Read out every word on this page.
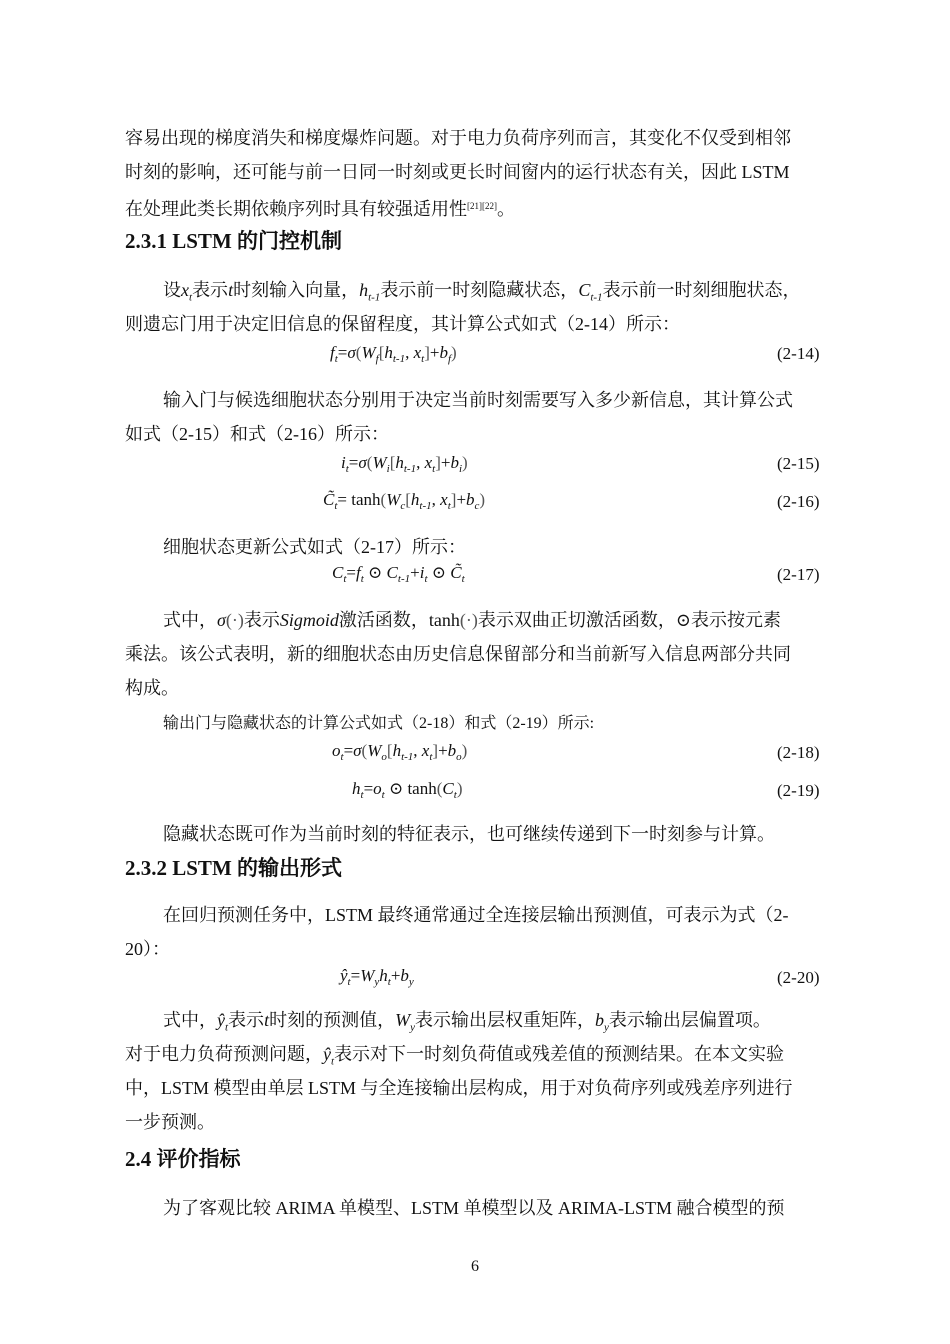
容易出现的梯度消失和梯度爆炸问题。对于电力负荷序列而言，其变化不仅受到相邻
时刻的影响，还可能与前一日同一时刻或更长时间窗内的运行状态有关，因此 LSTM
在处理此类长期依赖序列时具有较强适用性[21][22]。
2.3.1 LSTM 的门控机制
设$x_t$表示t时刻输入向量，$h_{t-1}$表示前一时刻隐藏状态，$C_{t-1}$表示前一时刻细胞状态，
则遗忘门用于决定旧信息的保留程度，其计算公式如式（2-14）所示：
$f_t=\sigma(W_f[h_{t-1}$, $x_t]+b_f$)	(2-14)
输入门与候选细胞状态分别用于决定当前时刻需要写入多少新信息，其计算公式
如式（2-15）和式（2-16）所示：
$i_t=\sigma(W_i[h_{t-1}$, $x_t]+b_i$)	(2-15)
$C̃_t= \tanh(W_c[h_{t-1}$, $x_t]+b_c$)	(2-16)
细胞状态更新公式如式（2-17）所示：
$C_t=f_t$ ⊙ $C_{t-1}+i_t$ ⊙ $C̃_t$	(2-17)
式中，σ(·)表示Sigmoid激活函数，tanh(·)表示双曲正切激活函数，⊙表示按元素
乘法。该公式表明，新的细胞状态由历史信息保留部分和当前新写入信息两部分共同
构成。
输出门与隐藏状态的计算公式如式（2-18）和式（2-19）所示:
$o_t=\sigma(W_o[h_{t-1}$, $x_t]+b_o$)	(2-18)
$h_t=o_t$ ⊙ $\tanh(C_t)$	(2-19)
隐藏状态既可作为当前时刻的特征表示，也可继续传递到下一时刻参与计算。
2.3.2 LSTM 的输出形式
在回归预测任务中，LSTM 最终通常通过全连接层输出预测值，可表示为式（2-
20）：
$ŷ_t=W_yh_t+b_y$	(2-20)
式中，$ŷ_t$表示t时刻的预测值，$W_y$表示输出层权重矩阵，$b_y$表示输出层偏置项。
对于电力负荷预测问题，$ŷ_t$表示对下一时刻负荷值或残差值的预测结果。在本文实验
中，LSTM 模型由单层 LSTM 与全连接输出层构成，用于对负荷序列或残差序列进行
一步预测。
2.4 评价指标
为了客观比较 ARIMA 单模型、LSTM 单模型以及 ARIMA-LSTM 融合模型的预
6
